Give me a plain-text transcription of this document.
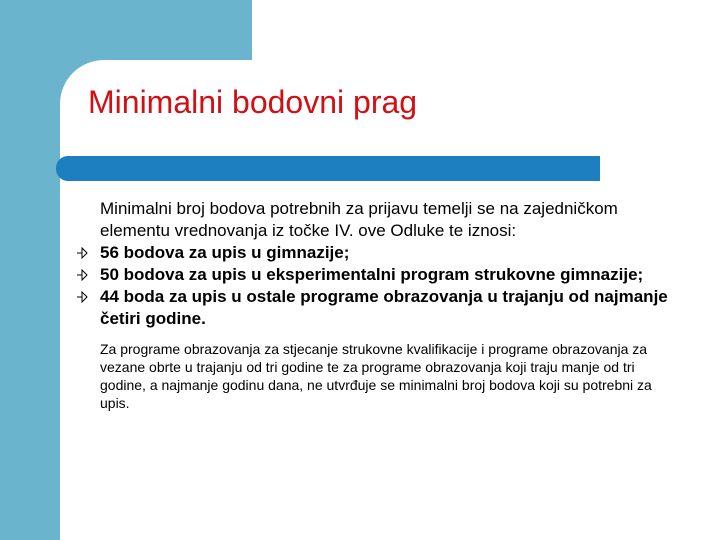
Minimalni bodovni prag

Minimalni broj bodova potrebnih za prijavu temelji se na zajedničkom elementu vrednovanja iz točke IV. ove Odluke te iznosi:

56 bodova za upis u gimnazije;
50 bodova za upis u eksperimentalni program strukovne gimnazije;
44 boda za upis u ostale programe obrazovanja u trajanju od najmanje četiri godine.

Za programe obrazovanja za stjecanje strukovne kvalifikacije i programe obrazovanja za vezane obrte u trajanju od tri godine te za programe obrazovanja koji traju manje od tri godine, a najmanje godinu dana, ne utvrđuje se minimalni broj bodova koji su potrebni za upis.
